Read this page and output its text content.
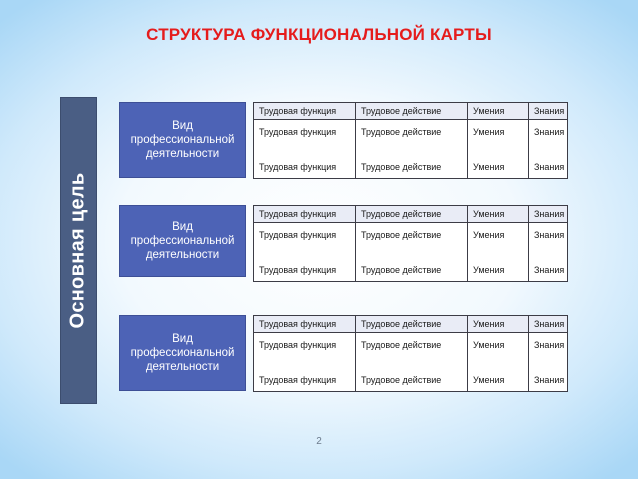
СТРУКТУРА ФУНКЦИОНАЛЬНОЙ КАРТЫ
Основная цель
Вид профессиональной деятельности
Трудовая функция	Трудовое действие	Умения	Знания
Трудовая функция	Трудовое действие	Умения	Знания
Трудовая функция	Трудовое действие	Умения	Знания
Вид профессиональной деятельности
Трудовая функция	Трудовое действие	Умения	Знания
Трудовая функция	Трудовое действие	Умения	Знания
Трудовая функция	Трудовое действие	Умения	Знания
Вид профессиональной деятельности
Трудовая функция	Трудовое действие	Умения	Знания
Трудовая функция	Трудовое действие	Умения	Знания
Трудовая функция	Трудовое действие	Умения	Знания
2
